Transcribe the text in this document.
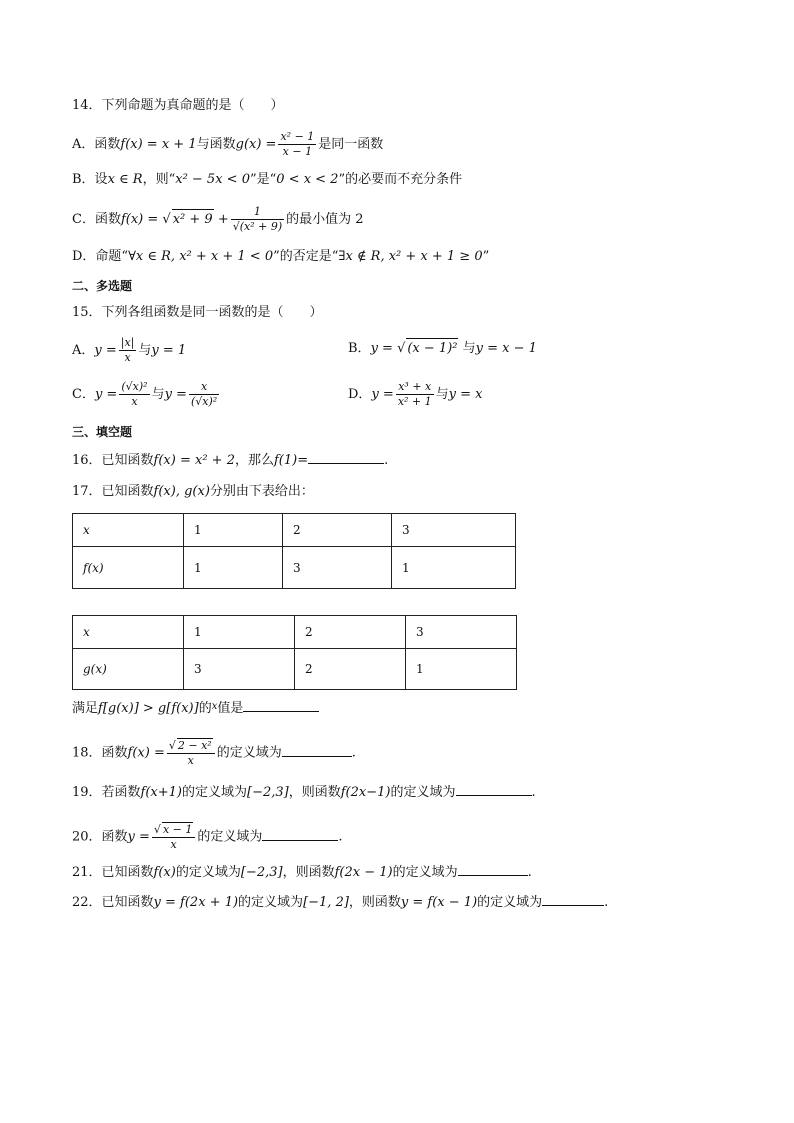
14．下列命题为真命题的是（　　）
A．函数f(x) = x + 1与函数$g(x) = \frac{\text{x² − 1}}{x - 1}$ 是同一函数
B．设x ∈ R，则“x² − 5x < 0”是“0 < x < 2”的必要而不充分条件
C．函数f(x) = √ $x^2 + 9 + \frac{1}{\text{√(x² + 9)}}$ 的最小值为 2
D．命题“∀x ∈ R, x² + x + 1 < 0”的否定是“∃x ∉ R, x² + x + 1 ≥ 0”
二、多选题
15．下列各组函数是同一函数的是（　　）
A．$y = \frac{|x|}{x}$ 与y = 1	B．y = √ (x − 1)² 与y = x − 1
C．$y = \frac{\text{(√x)²}}{x}$ 与$y = \frac{x}{\text{(√x)²}}$	D．$y = \frac{\text{x³ + x}}{\text{x² + 1}}$ 与y = x
三、填空题
16．已知函数f(x) = x² + 2，那么f(1)=	.
17．已知函数f(x), g(x)分别由下表给出：
x	1	2	3
f(x)	1	3	1
x	1	2	3
g(x)	3	2	1
满足f[g(x)] > g[f(x)]的$^x$值是
18．函数$f(x) = \frac{\text{√ 2 − x²}}{x}$ 的定义域为	.
19．若函数f(x+1)的定义域为[−2,3]，则函数f(2x−1)的定义域为	.
20．函数$y = \frac{√ x - 1}{x}$ 的定义域为	.
21．已知函数f(x)的定义域为[−2,3]，则函数f(2x − 1)的定义域为	.
22．已知函数y = f(2x + 1)的定义域为[−1, 2]，则函数y = f(x − 1)的定义域为	.
